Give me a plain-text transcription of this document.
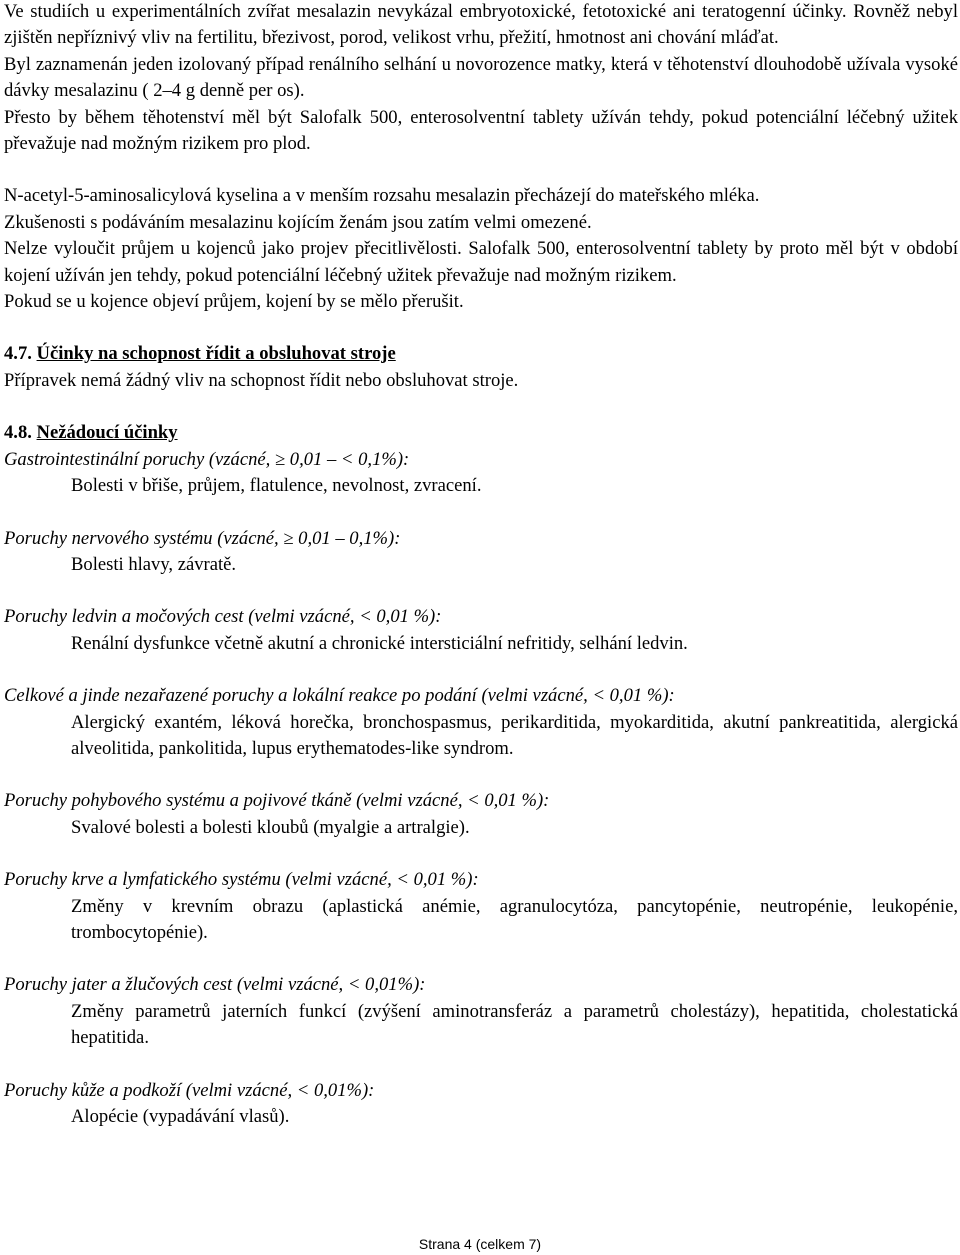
Ve studiích u experimentálních zvířat mesalazin nevykázal embryotoxické, fetotoxické ani teratogenní účinky. Rovněž nebyl zjištěn nepříznivý vliv na fertilitu, březivost, porod, velikost vrhu, přežití, hmotnost ani chování mláďat.

Byl zaznamenán jeden izolovaný případ renálního selhání u novorozence matky, která v těhotenství dlouhodobě užívala vysoké dávky mesalazinu ( 2–4 g denně per os).

Přesto by během těhotenství měl být Salofalk 500, enterosolventní tablety užíván tehdy, pokud potenciální léčebný užitek převažuje nad možným rizikem pro plod.

N-acetyl-5-aminosalicylová kyselina a v menším rozsahu mesalazin přecházejí do mateřského mléka.

Zkušenosti s podáváním mesalazinu kojícím ženám jsou zatím velmi omezené.

Nelze vyloučit průjem u kojenců jako projev přecitlivělosti. Salofalk 500, enterosolventní tablety by proto měl být v období kojení užíván jen tehdy, pokud potenciální léčebný užitek převažuje nad možným rizikem.

Pokud se u kojence objeví průjem, kojení by se mělo přerušit.

4.7. Účinky na schopnost řídit a obsluhovat stroje

Přípravek nemá žádný vliv na schopnost řídit nebo obsluhovat stroje.

4.8. Nežádoucí účinky

Gastrointestinální poruchy (vzácné, ≥ 0,01 – < 0,1%):

Bolesti v břiše, průjem, flatulence, nevolnost, zvracení.

Poruchy nervového systému (vzácné, ≥ 0,01 – 0,1%):

Bolesti hlavy, závratě.

Poruchy ledvin a močových cest (velmi vzácné, < 0,01 %):

Renální dysfunkce včetně akutní a chronické intersticiální nefritidy, selhání ledvin.

Celkové a jinde nezařazené poruchy a lokální reakce po podání (velmi vzácné, < 0,01 %):

Alergický exantém, léková horečka, bronchospasmus, perikarditida, myokarditida, akutní pankreatitida, alergická alveolitida, pankolitida, lupus erythematodes-like syndrom.

Poruchy pohybového systému a pojivové tkáně (velmi vzácné, < 0,01 %):

Svalové bolesti a bolesti kloubů (myalgie a artralgie).

Poruchy krve a lymfatického systému (velmi vzácné, < 0,01 %):

Změny v krevním obrazu (aplastická anémie, agranulocytóza, pancytopénie, neutropénie, leukopénie, trombocytopénie).

Poruchy jater a žlučových cest (velmi vzácné, < 0,01%):

Změny parametrů jaterních funkcí (zvýšení aminotransferáz a parametrů cholestázy), hepatitida, cholestatická hepatitida.

Poruchy kůže a podkoží (velmi vzácné, < 0,01%):

Alopécie (vypadávání vlasů).

Strana 4 (celkem 7)
